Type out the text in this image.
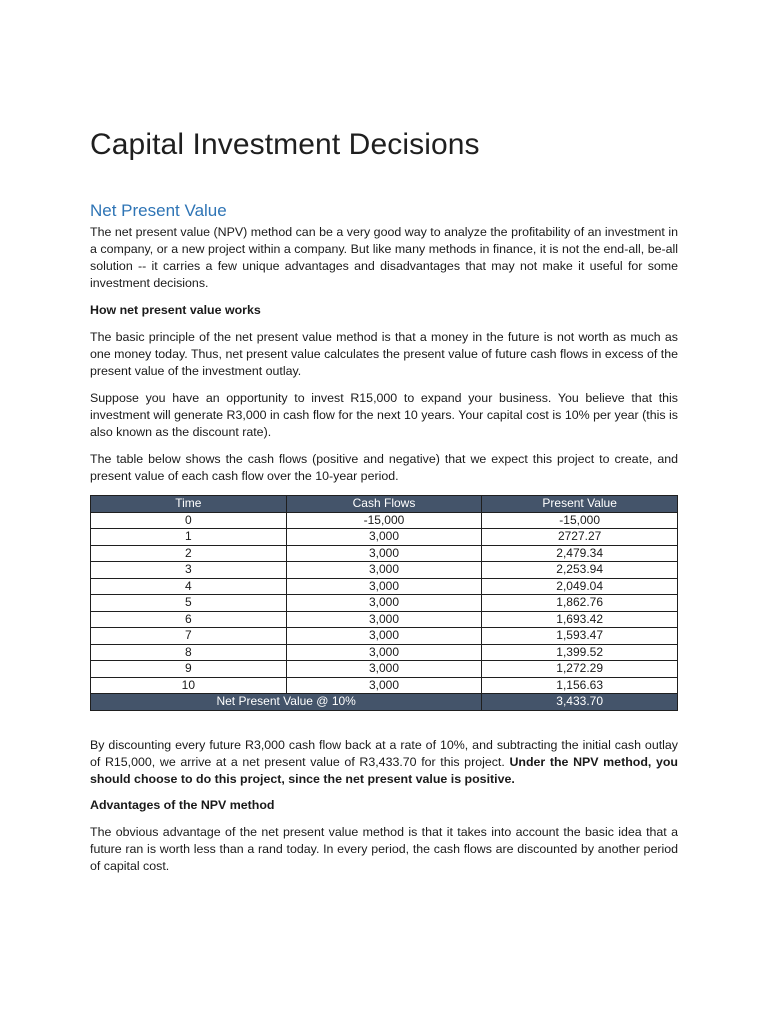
Capital Investment Decisions
Net Present Value

The net present value (NPV) method can be a very good way to analyze the profitability of an investment in a company, or a new project within a company. But like many methods in finance, it is not the end-all, be-all solution -- it carries a few unique advantages and disadvantages that may not make it useful for some investment decisions.

How net present value works

The basic principle of the net present value method is that a money in the future is not worth as much as one money today. Thus, net present value calculates the present value of future cash flows in excess of the present value of the investment outlay.

Suppose you have an opportunity to invest R15,000 to expand your business. You believe that this investment will generate R3,000 in cash flow for the next 10 years. Your capital cost is 10% per year (this is also known as the discount rate).

The table below shows the cash flows (positive and negative) that we expect this project to create, and present value of each cash flow over the 10-year period.

Time	Cash Flows	Present Value
0	-15,000	-15,000
1	3,000	2727.27
2	3,000	2,479.34
3	3,000	2,253.94
4	3,000	2,049.04
5	3,000	1,862.76
6	3,000	1,693.42
7	3,000	1,593.47
8	3,000	1,399.52
9	3,000	1,272.29
10	3,000	1,156.63
Net Present Value @ 10%		3,433.70

By discounting every future R3,000 cash flow back at a rate of 10%, and subtracting the initial cash outlay of R15,000, we arrive at a net present value of R3,433.70 for this project. Under the NPV method, you should choose to do this project, since the net present value is positive.

Advantages of the NPV method

The obvious advantage of the net present value method is that it takes into account the basic idea that a future ran is worth less than a rand today. In every period, the cash flows are discounted by another period of capital cost.
